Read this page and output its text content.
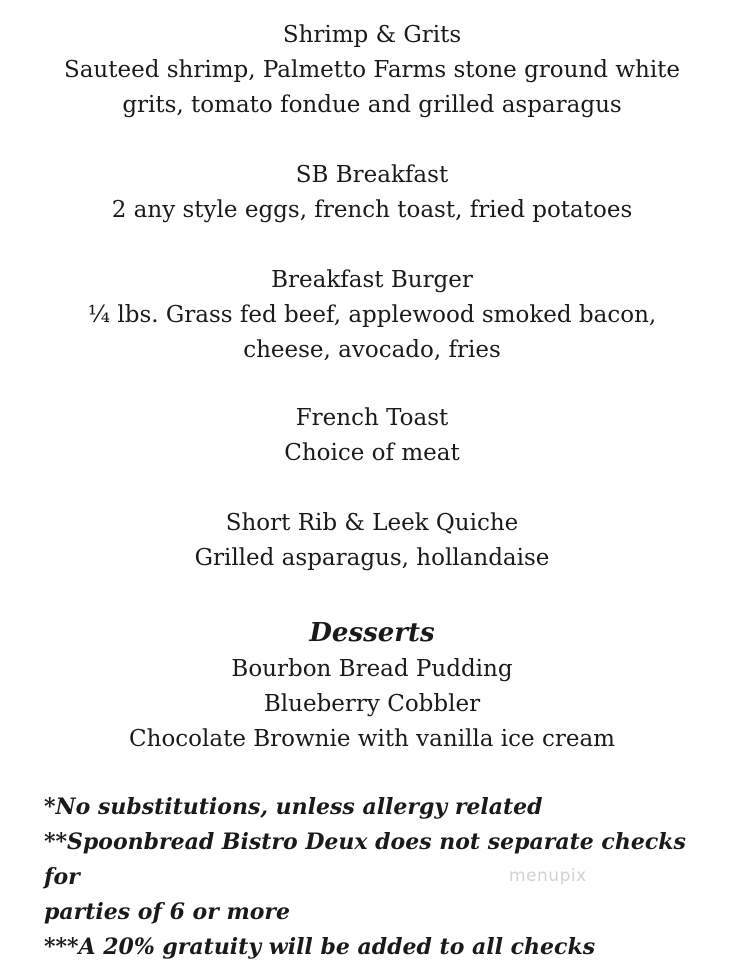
Shrimp & Grits
Sauteed shrimp, Palmetto Farms stone ground white
grits, tomato fondue and grilled asparagus
SB Breakfast
2 any style eggs, french toast, fried potatoes
Breakfast Burger
¼ lbs. Grass fed beef, applewood smoked bacon,
cheese, avocado, fries
French Toast
Choice of meat
Short Rib & Leek Quiche
Grilled asparagus, hollandaise
Desserts
Bourbon Bread Pudding
Blueberry Cobbler
Chocolate Brownie with vanilla ice cream
*No substitutions, unless allergy related
**Spoonbread Bistro Deux does not separate checks for
parties of 6 or more
***A 20% gratuity will be added to all checks
menupix
